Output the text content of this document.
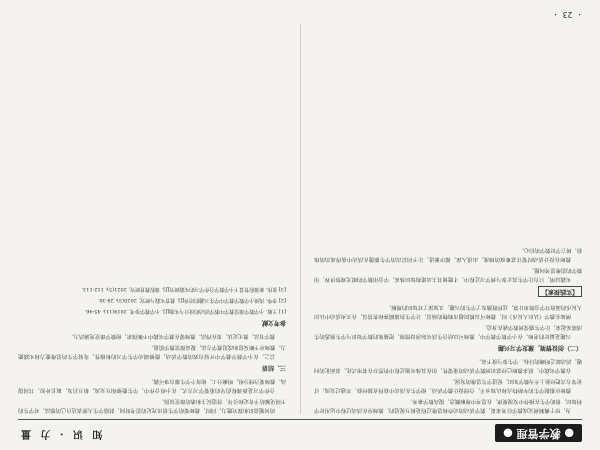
● 教学管理 ●
知 识 · 力 量

为，形于戴顺利完成教学任务来说，数学活动的动作和思维过程是相互促进的，教师应在活动过程中运用好学科知识，帮助学生在操作中发现规律，在思考中理解概念，提高数学素养。

教师应根据学生的年龄特点和认知水平，合理设计教学活动，使学生在活动中获得直接经验，并通过交流、讨论等方式把经验上升为数学知识，促进学生思维的发展。

在教学实践中，很多教师已经意识到数学活动的重要性，但在具体实施过程中仍然存在着形式化、表面化的问题，活动缺乏明确的目标，学生参与度不高。

（二）创设情境，激发学习兴趣

兴趣是最好的老师。在小学数学教学中，教师可以结合生活实际创设情境，把抽象的数学知识与学生熟悉的生活联系起来，让学生感受到数学就在身边。

例如在教学《认识人民币》时，教师可以模拟超市购物的场景，让学生扮演顾客和售货员，在买卖活动中认识人民币的面值并学会简单计算，这样既激发了学生的兴趣，又加深了对知识的理解。

【实践探索】

实践证明，只有让学生真正参与到学习过程中，才能使其主动建构知识体系，学会用数学的眼光观察世界，用数学的思维思考问题。

教师在设计活动时要注意难度的梯度，由浅入深、循序渐进，让不同层次的学生都能在活动中获得成功的体验，树立学好数学的信心。

的问题意识和探究能力。同时，教师要给学生留出充足的思考时间，鼓励学生大胆表达自己的想法，对学生的不同见解给予肯定和引导，营造民主和谐的课堂氛围。

合作学习是新课程倡导的重要学习方式。在小组合作中，学生能够相互交流、相互启发，取长补短，共同提高。教师要合理分组，明确分工，使每个学生都有事可做。

三、结语

总之，在小学数学教学中开展有效的数学活动，能够调动学生学习的积极性，发展学生的思维能力和实践能力。教师应不断反思和改进教学方法，提高课堂教学质量。

教学有法，教无定法，贵在得法。教师要在教学实践中不断探索，使数学课堂充满活力。

参考文献

[1] 王敏. 小学数学课堂教学中数学活动的设计与实施[J]. 小学教学参考, 2019(11): 45-46.

[2] 李华. 浅谈小学数学教学中学生兴趣的培养[J]. 教育实践与研究, 2020(3): 28-30.

[3] 张伟. 新课程背景下小学数学合作学习的实践研究[J]. 课程教育研究, 2021(5): 112-113.

· 23 ·
